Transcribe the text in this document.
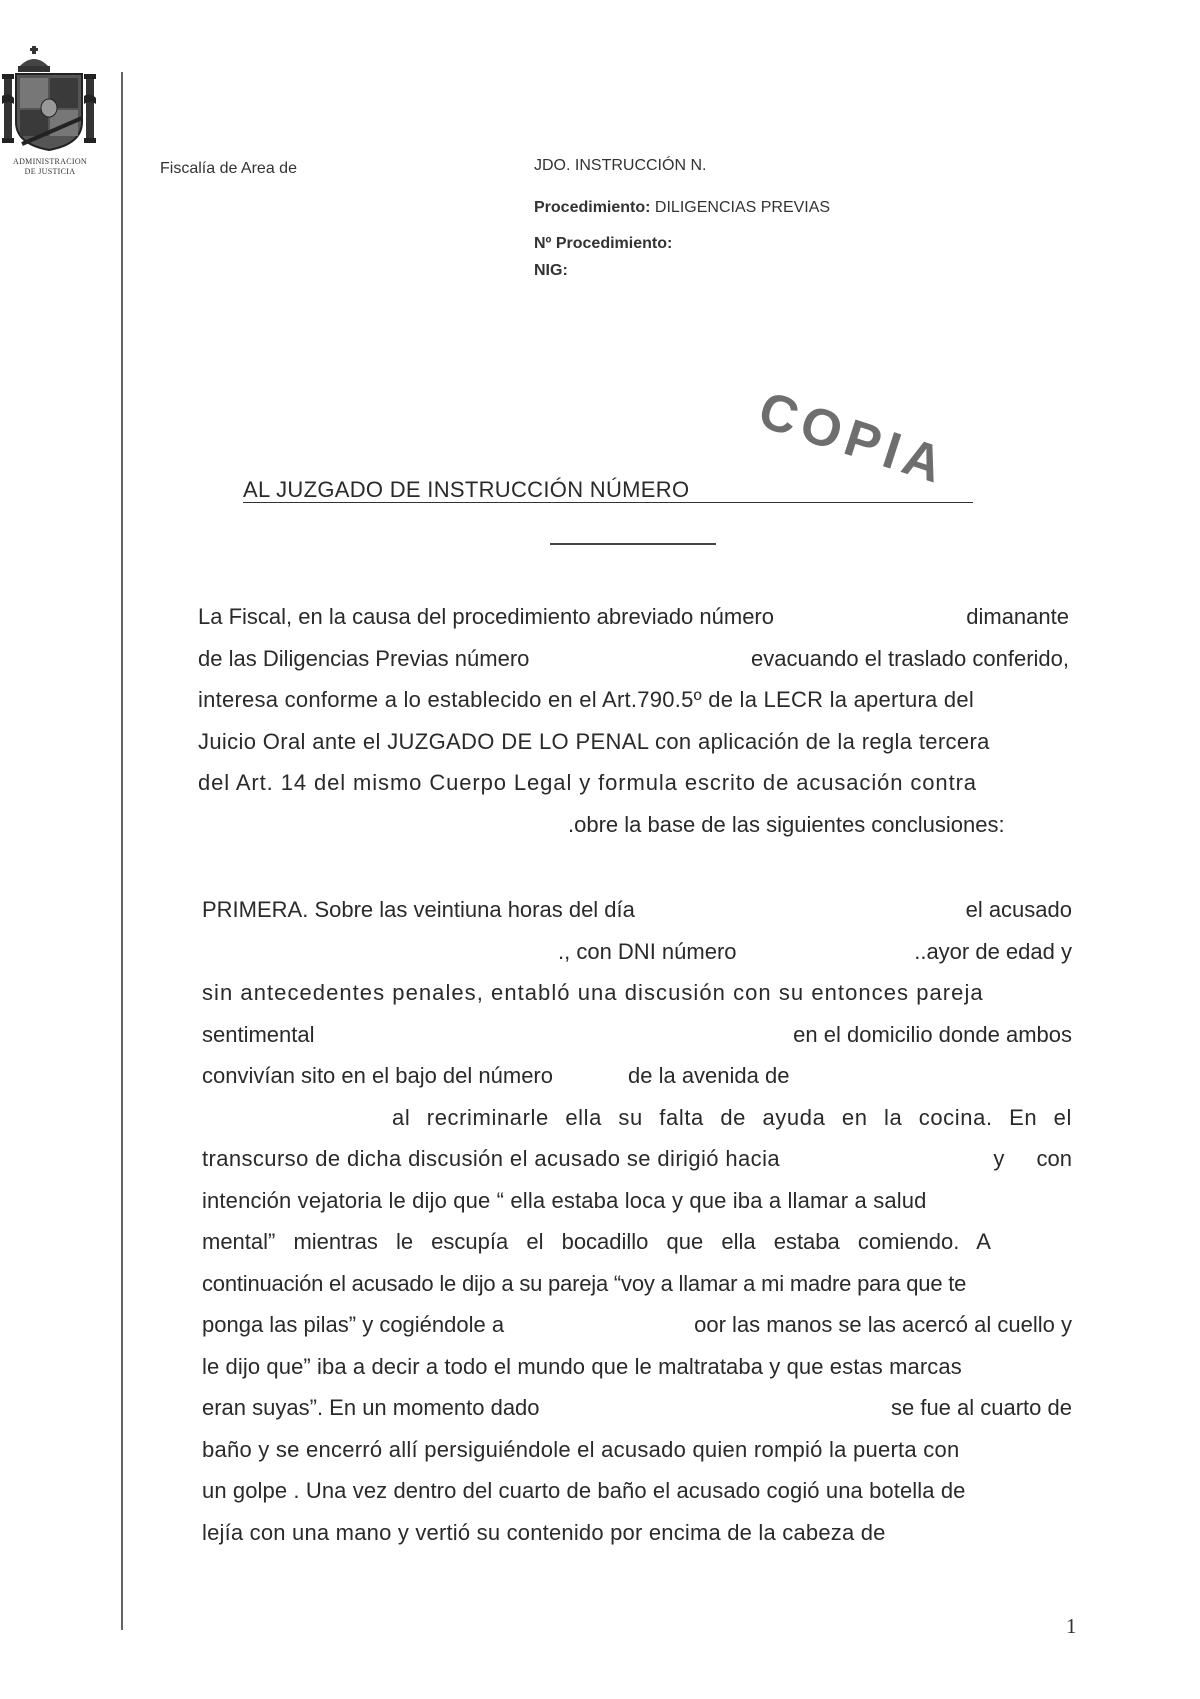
ADMINISTRACION
DE JUSTICIA	Fiscalía de Area de	JDO. INSTRUCCIÓN N.
Procedimiento: DILIGENCIAS PREVIAS
Nº Procedimiento:
NIG:
COPIA
AL JUZGADO DE INSTRUCCIÓN NÚMERO
La Fiscal, en la causa del procedimiento abreviado número	dimanante
de las Diligencias Previas número	evacuando el traslado conferido,
interesa conforme a lo establecido en el Art.790.5º de la LECR la apertura del
Juicio Oral ante el JUZGADO DE LO PENAL con aplicación de la regla tercera
del Art. 14 del mismo Cuerpo Legal y formula escrito de acusación contra
.obre la base de las siguientes conclusiones:
PRIMERA. Sobre las veintiuna horas del día	el acusado
., con DNI número	..ayor de edad y
sin antecedentes penales, entabló una discusión con su entonces pareja
sentimental	en el domicilio donde ambos
convivían sito en el bajo del número	de la avenida de
al recriminarle ella su falta de ayuda en la cocina. En el
transcurso de dicha discusión el acusado se dirigió hacia	y con
intención vejatoria le dijo que “ ella estaba loca y que iba a llamar a salud
mental” mientras le escupía el bocadillo que ella estaba comiendo. A
continuación el acusado le dijo a su pareja “voy a llamar a mi madre para que te
ponga las pilas” y cogiéndole a	oor las manos se las acercó al cuello y
le dijo que” iba a decir a todo el mundo que le maltrataba y que estas marcas
eran suyas”. En un momento dado	se fue al cuarto de
baño y se encerró allí persiguiéndole el acusado quien rompió la puerta con
un golpe . Una vez dentro del cuarto de baño el acusado cogió una botella de
lejía con una mano y vertió su contenido por encima de la cabeza de
1
